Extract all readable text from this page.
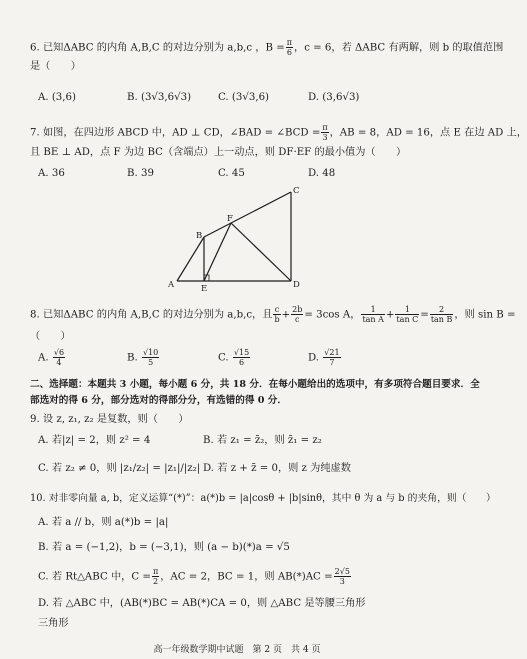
6. 已知ΔABC 的内角 A,B,C 的对边分别为 a,b,c ，$B = \frac{\pi}{6}$ ，c = 6，若 ΔABC 有两解，则 b 的取值范围
是（　　）
A. (3,6)	B. (3√3,6√3)	C. (3√3,6)	D. (3,6√3)
7. 如图，在四边形 ABCD 中，AD ⊥ CD，∠BAD = ∠BCD = $\frac{\pi}{3}$ ，AB = 8，AD = 16，点 E 在边 AD 上，
且 BE ⊥ AD，点 F 为边 BC（含端点）上一动点，则 DF·EF 的最小值为（　　）
A. 36	B. 39	C. 45	D. 48
A
B
C
D
E
F
8. 已知ΔABC 的内角 A,B,C 的对边分别为 a,b,c，且 $\frac{c}{b} + \frac{2b}{c} = 3\cos$ A， $\frac{1}{\text{tan A}} + \frac{1}{\text{tan C}} = \frac{2}{\text{tan B}}$ ，则 sin B =
（　　）
A. $\frac{√6}{4}$	B. $\frac{√10}{5}$	C. $\frac{√15}{6}$	D. $\frac{√21}{7}$
二、选择题：本题共 3 小题，每小题 6 分，共 18 分．在每小题给出的选项中，有多项符合题目要求．全
部选对的得 6 分，部分选对的得部分分，有选错的得 0 分．
9. 设 z, z₁, z₂ 是复数，则（　　）
A. 若|z| = 2，则 z² = 4	B. 若 z₁ = z̄₂，则 z̄₁ = z₂
C. 若 z₂ ≠ 0，则 |z₁/z₂| = |z₁|/|z₂| D. 若 z + z̄ = 0，则 z 为纯虚数
10. 对非零向量 a, b，定义运算“(*)”：a(*)b = |a|cosθ + |b|sinθ，其中 θ 为 a 与 b 的夹角，则（　　）
A. 若 a // b，则 a(*)b = |a|
B. 若 a = (−1,2)，b = (−3,1)，则 (a − b)(*)a = √5
C. 若 Rt△ABC 中，$C = \frac{\pi}{2}$ ，AC = 2，BC = 1，则 $AB(*)AC = \frac{2√5}{3}$
D. 若 △ABC 中，(AB(*)BC = AB(*)CA = 0，则 △ABC 是等腰三角形
三角形
高一年级数学期中试题　第 2 页　共 4 页
